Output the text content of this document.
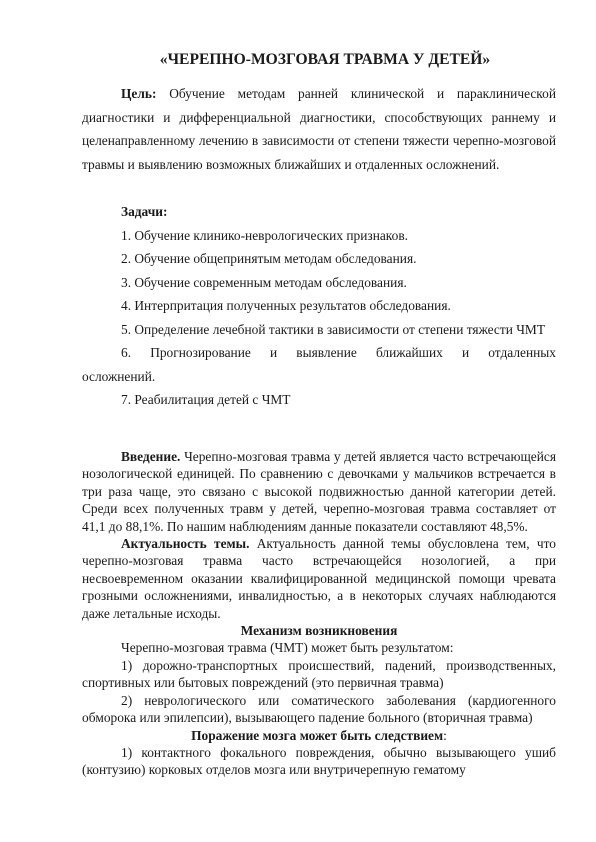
«ЧЕРЕПНО-МОЗГОВАЯ ТРАВМА У ДЕТЕЙ»

Цель: Обучение методам ранней клинической и параклинической диагностики и дифференциальной диагностики, способствующих раннему и целенаправленному лечению в зависимости от степени тяжести черепно-мозговой травмы и выявлению возможных ближайших и отдаленных осложнений.

Задачи:

1. Обучение клинико-неврологических признаков.

2. Обучение общепринятым методам обследования.

3. Обучение современным методам обследования.

4. Интерпритация полученных результатов обследования.

5. Определение лечебной тактики в зависимости от степени тяжести ЧМТ

6. Прогнозирование и выявление ближайших и отдаленных

осложнений.

7. Реабилитация детей с ЧМТ

Введение. Черепно-мозговая травма у детей является часто встречающейся нозологической единицей. По сравнению с девочками у мальчиков встречается в три раза чаще, это связано с высокой подвижностью данной категории детей. Среди всех полученных травм у детей, черепно-мозговая травма составляет от 41,1 до 88,1%. По нашим наблюдениям данные показатели составляют 48,5%.

Актуальность темы. Актуальность данной темы обусловлена тем, что черепно-мозговая травма часто встречающейся нозологией, а при несвоевременном оказании квалифицированной медицинской помощи чревата грозными осложнениями, инвалидностью, а в некоторых случаях наблюдаются даже летальные исходы.

Механизм возникновения

Черепно-мозговая травма (ЧМТ) может быть результатом:

1) дорожно-транспортных происшествий, падений, производственных, спортивных или бытовых повреждений (это первичная травма)

2) неврологического или соматического заболевания (кардиогенного обморока или эпилепсии), вызывающего падение больного (вторичная травма)

Поражение мозга может быть следствием:

1) контактного фокального повреждения, обычно вызывающего ушиб (контузию) корковых отделов мозга или внутричерепную гематому
